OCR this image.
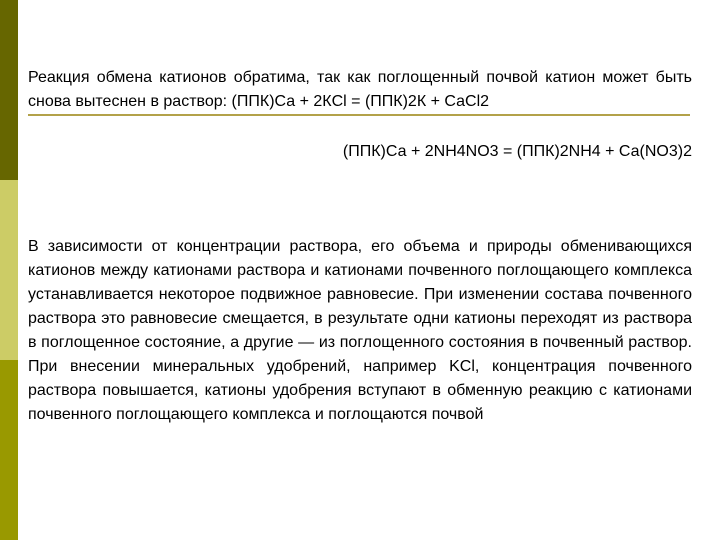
Реакция обмена катионов обратима, так как поглощенный почвой катион может быть снова вытеснен в раствор: (ППК)Са + 2КCl = (ППК)2К + СаСl2

(ППК)Са + 2NH4NO3 = (ППК)2NH4 + Са(NO3)2

В зависимости от концентрации раствора, его объема и природы обменивающихся катионов между катионами раствора и катионами почвенного поглощающего комплекса устанавливается некоторое подвижное равновесие. При изменении состава почвенного раствора это равновесие смещается, в результате одни катионы переходят из раствора в поглощенное состояние, а другие — из поглощенного состояния в почвенный раствор. При внесении минеральных удобрений, например KCl, концентрация почвенного раствора повышается, катионы удобрения вступают в обменную реакцию с катионами почвенного поглощающего комплекса и поглощаются почвой
